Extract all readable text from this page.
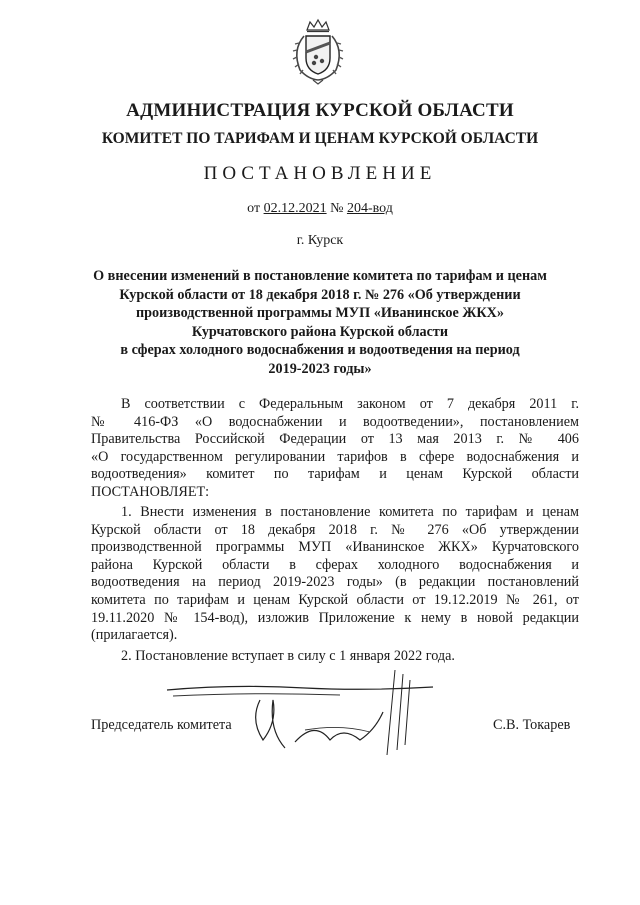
АДМИНИСТРАЦИЯ КУРСКОЙ ОБЛАСТИ
КОМИТЕТ ПО ТАРИФАМ И ЦЕНАМ КУРСКОЙ ОБЛАСТИ
ПОСТАНОВЛЕНИЕ
от 02.12.2021 № 204-вод
г. Курск
О внесении изменений в постановление комитета по тарифам и ценам
Курской области от 18 декабря 2018 г. № 276 «Об утверждении
производственной программы МУП «Иванинское ЖКХ»
Курчатовского района Курской области
в сферах холодного водоснабжения и водоотведения на период
2019-2023 годы»
В соответствии с Федеральным законом от 7 декабря 2011 г.
№ 416-ФЗ «О водоснабжении и водоотведении», постановлением
Правительства Российской Федерации от 13 мая 2013 г. № 406
«О государственном регулировании тарифов в сфере водоснабжения и
водоотведения» комитет по тарифам и ценам Курской области
ПОСТАНОВЛЯЕТ:
1. Внести изменения в постановление комитета по тарифам и ценам
Курской области от 18 декабря 2018 г. № 276 «Об утверждении
производственной программы МУП «Иванинское ЖКХ» Курчатовского
района Курской области в сферах холодного водоснабжения и
водоотведения на период 2019-2023 годы» (в редакции постановлений
комитета по тарифам и ценам Курской области от 19.12.2019 № 261, от
19.11.2020 № 154-вод), изложив Приложение к нему в новой редакции
(прилагается).
2. Постановление вступает в силу с 1 января 2022 года.
Председатель комитета	С.В. Токарев
